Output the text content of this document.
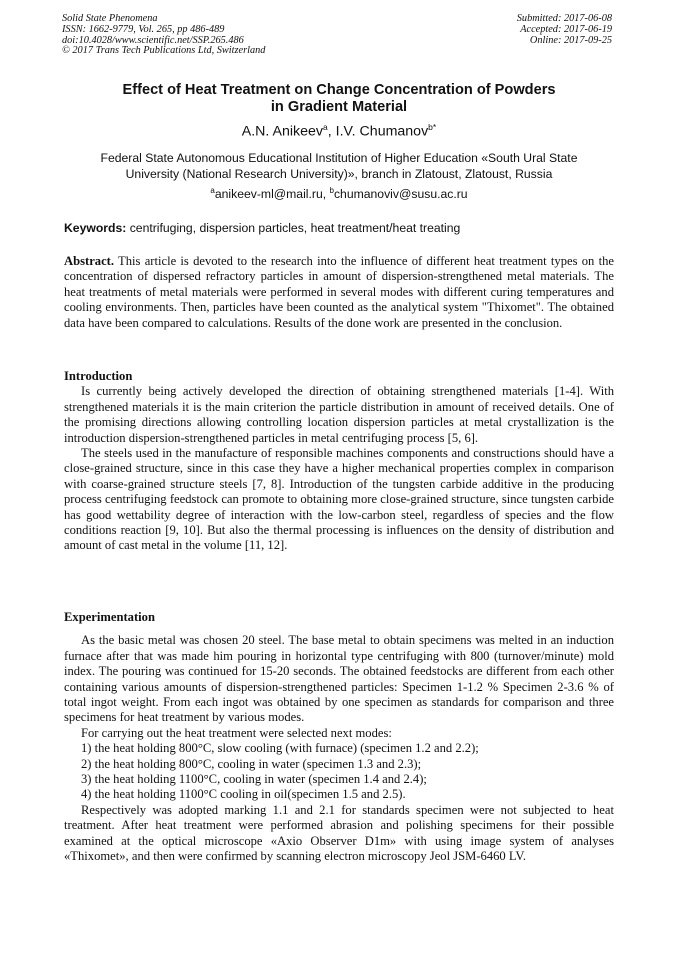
Solid State Phenomena
ISSN: 1662-9779, Vol. 265, pp 486-489
doi:10.4028/www.scientific.net/SSP.265.486
© 2017 Trans Tech Publications Ltd, Switzerland
Submitted: 2017-06-08
Accepted: 2017-06-19
Online: 2017-09-25
Effect of Heat Treatment on Change Concentration of Powders
in Gradient Material
A.N. Anikeev$^a$, I.V. Chumanov$^{b*}$
Federal State Autonomous Educational Institution of Higher Education «South Ural State
University (National Research University)», branch in Zlatoust, Zlatoust, Russia
$^a$anikeev-ml@mail.ru, $^b$chumanoviv@susu.ac.ru
Keywords: centrifuging, dispersion particles, heat treatment/heat treating

Abstract. This article is devoted to the research into the influence of different heat treatment types on the concentration of dispersed refractory particles in amount of dispersion-strengthened metal materials. The heat treatments of metal materials were performed in several modes with different curing temperatures and cooling environments. Then, particles have been counted as the analytical system "Thixomet". The obtained data have been compared to calculations. Results of the done work are presented in the conclusion.

Introduction

Is currently being actively developed the direction of obtaining strengthened materials [1-4]. With strengthened materials it is the main criterion the particle distribution in amount of received details. One of the promising directions allowing controlling location dispersion particles at metal crystallization is the introduction dispersion-strengthened particles in metal centrifuging process [5, 6].

The steels used in the manufacture of responsible machines components and constructions should have a close-grained structure, since in this case they have a higher mechanical properties complex in comparison with coarse-grained structure steels [7, 8]. Introduction of the tungsten carbide additive in the producing process centrifuging feedstock can promote to obtaining more close-grained structure, since tungsten carbide has good wettability degree of interaction with the low-carbon steel, regardless of species and the flow conditions reaction [9, 10]. But also the thermal processing is influences on the density of distribution and amount of cast metal in the volume [11, 12].

Experimentation

As the basic metal was chosen 20 steel. The base metal to obtain specimens was melted in an induction furnace after that was made him pouring in horizontal type centrifuging with 800 (turnover/minute) mold index. The pouring was continued for 15-20 seconds. The obtained feedstocks are different from each other containing various amounts of dispersion-strengthened particles: Specimen 1-1.2 % Specimen 2-3.6 % of total ingot weight. From each ingot was obtained by one specimen as standards for comparison and three specimens for heat treatment by various modes.

For carrying out the heat treatment were selected next modes:

1) the heat holding 800°C, slow cooling (with furnace) (specimen 1.2 and 2.2);

2) the heat holding 800°C, cooling in water (specimen 1.3 and 2.3);

3) the heat holding 1100°C, cooling in water (specimen 1.4 and 2.4);

4) the heat holding 1100°C cooling in oil(specimen 1.5 and 2.5).

Respectively was adopted marking 1.1 and 2.1 for standards specimen were not subjected to heat treatment. After heat treatment were performed abrasion and polishing specimens for their possible examined at the optical microscope «Axio Observer D1m» with using image system of analyses «Thixomet», and then were confirmed by scanning electron microscopy Jeol JSM-6460 LV.
